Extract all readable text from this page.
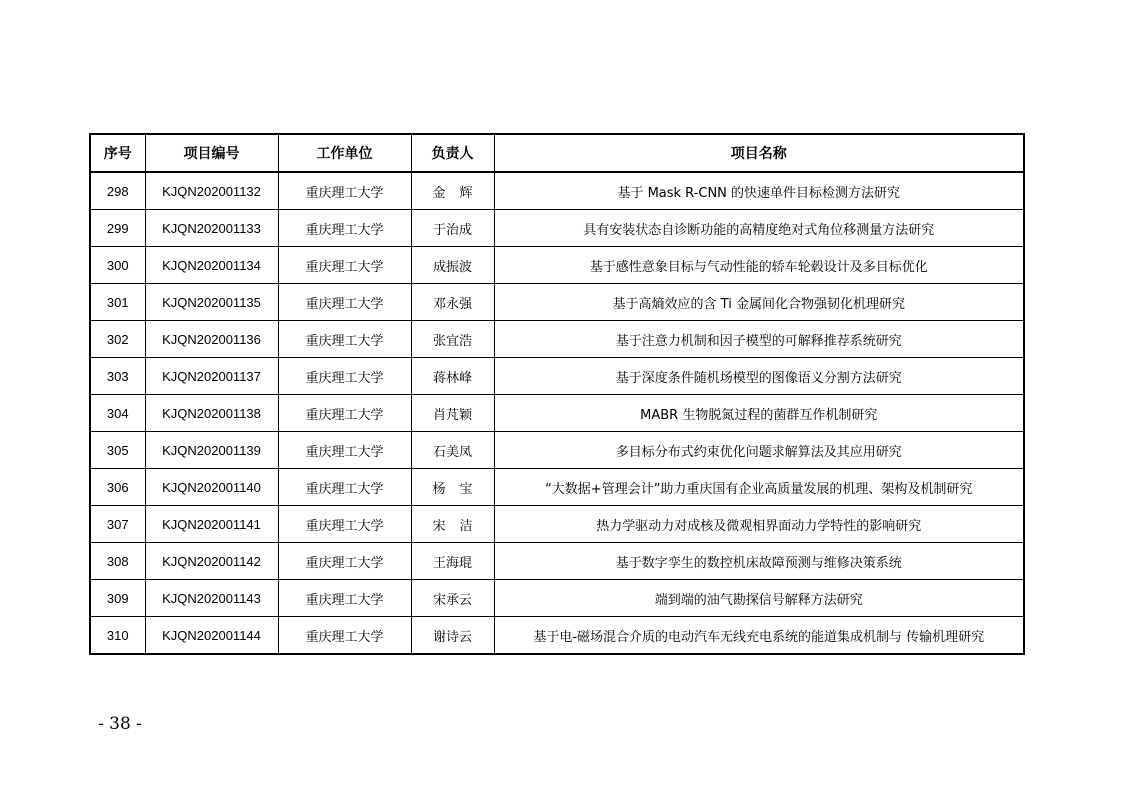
序号	项目编号	工作单位	负责人	项目名称
298	KJQN202001132	重庆理工大学	金辉	基于 Mask R-CNN 的快速单件目标检测方法研究
299	KJQN202001133	重庆理工大学	于治成	具有安装状态自诊断功能的高精度绝对式角位移测量方法研究
300	KJQN202001134	重庆理工大学	成振波	基于感性意象目标与气动性能的轿车轮毂设计及多目标优化
301	KJQN202001135	重庆理工大学	邓永强	基于高熵效应的含 Ti 金属间化合物强韧化机理研究
302	KJQN202001136	重庆理工大学	张宜浩	基于注意力机制和因子模型的可解释推荐系统研究
303	KJQN202001137	重庆理工大学	蒋林峰	基于深度条件随机场模型的图像语义分割方法研究
304	KJQN202001138	重庆理工大学	肖芃颖	MABR 生物脱氮过程的菌群互作机制研究
305	KJQN202001139	重庆理工大学	石美凤	多目标分布式约束优化问题求解算法及其应用研究
306	KJQN202001140	重庆理工大学	杨宝	“大数据+管理会计”助力重庆国有企业高质量发展的机理、架构及机制研究
307	KJQN202001141	重庆理工大学	宋洁	热力学驱动力对成核及微观相界面动力学特性的影响研究
308	KJQN202001142	重庆理工大学	王海琨	基于数字孪生的数控机床故障预测与维修决策系统
309	KJQN202001143	重庆理工大学	宋承云	端到端的油气勘探信号解释方法研究
310	KJQN202001144	重庆理工大学	谢诗云	基于电-磁场混合介质的电动汽车无线充电系统的能道集成机制与 传输机理研究
- 38 -
